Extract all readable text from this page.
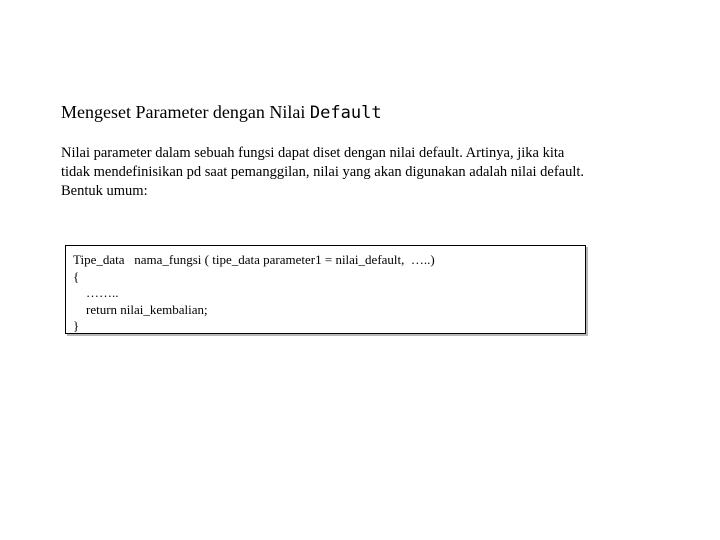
Mengeset Parameter dengan Nilai Default
Nilai parameter dalam sebuah fungsi dapat diset dengan nilai default. Artinya, jika kita
tidak mendefinisikan pd saat pemanggilan, nilai yang akan digunakan adalah nilai default.
Bentuk umum:
Tipe_data   nama_fungsi ( tipe_data parameter1 = nilai_default,  …..)
{
……..
return nilai_kembalian;
}
